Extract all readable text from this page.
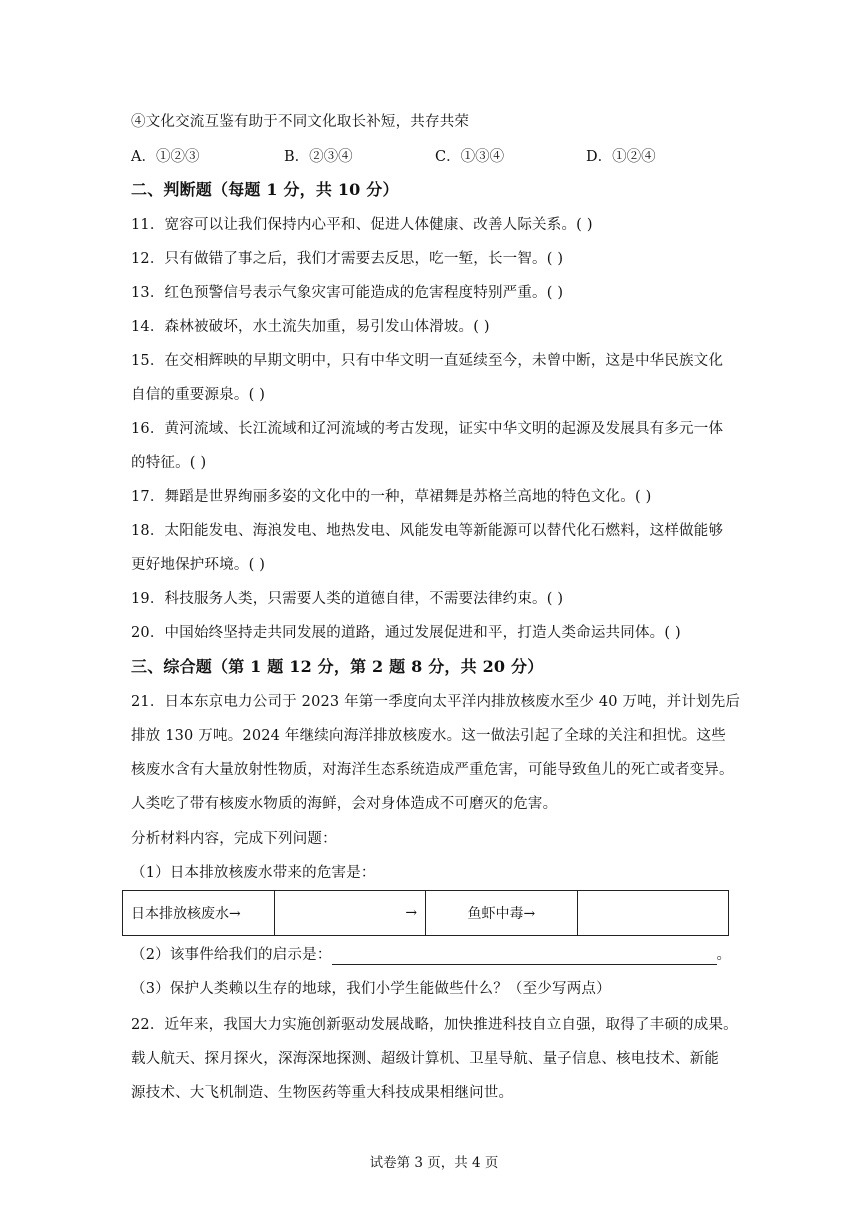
④文化交流互鉴有助于不同文化取长补短，共存共荣
A．①②③	B．②③④	C．①③④	D．①②④
二、判断题（每题 1 分，共 10 分）
11．宽容可以让我们保持内心平和、促进人体健康、改善人际关系。( )
12．只有做错了事之后，我们才需要去反思，吃一堑，长一智。( )
13．红色预警信号表示气象灾害可能造成的危害程度特别严重。( )
14．森林被破坏，水土流失加重，易引发山体滑坡。( )
15．在交相辉映的早期文明中，只有中华文明一直延续至今，未曾中断，这是中华民族文化
自信的重要源泉。( )
16．黄河流域、长江流域和辽河流域的考古发现，证实中华文明的起源及发展具有多元一体
的特征。( )
17．舞蹈是世界绚丽多姿的文化中的一种，草裙舞是苏格兰高地的特色文化。( )
18．太阳能发电、海浪发电、地热发电、风能发电等新能源可以替代化石燃料，这样做能够
更好地保护环境。( )
19．科技服务人类，只需要人类的道德自律，不需要法律约束。( )
20．中国始终坚持走共同发展的道路，通过发展促进和平，打造人类命运共同体。( )
三、综合题（第 1 题 12 分，第 2 题 8 分，共 20 分）
21．日本东京电力公司于 2023 年第一季度向太平洋内排放核废水至少 40 万吨，并计划先后
排放 130 万吨。2024 年继续向海洋排放核废水。这一做法引起了全球的关注和担忧。这些
核废水含有大量放射性物质，对海洋生态系统造成严重危害，可能导致鱼儿的死亡或者变异。
人类吃了带有核废水物质的海鲜，会对身体造成不可磨灭的危害。
分析材料内容，完成下列问题：
（1）日本排放核废水带来的危害是：
日本排放核废水→	→	鱼虾中毒→	
（2）该事件给我们的启示是：	。
（3）保护人类赖以生存的地球，我们小学生能做些什么？（至少写两点）
22．近年来，我国大力实施创新驱动发展战略，加快推进科技自立自强，取得了丰硕的成果。
载人航天、探月探火，深海深地探测、超级计算机、卫星导航、量子信息、核电技术、新能
源技术、大飞机制造、生物医药等重大科技成果相继问世。
试卷第 3 页，共 4 页
